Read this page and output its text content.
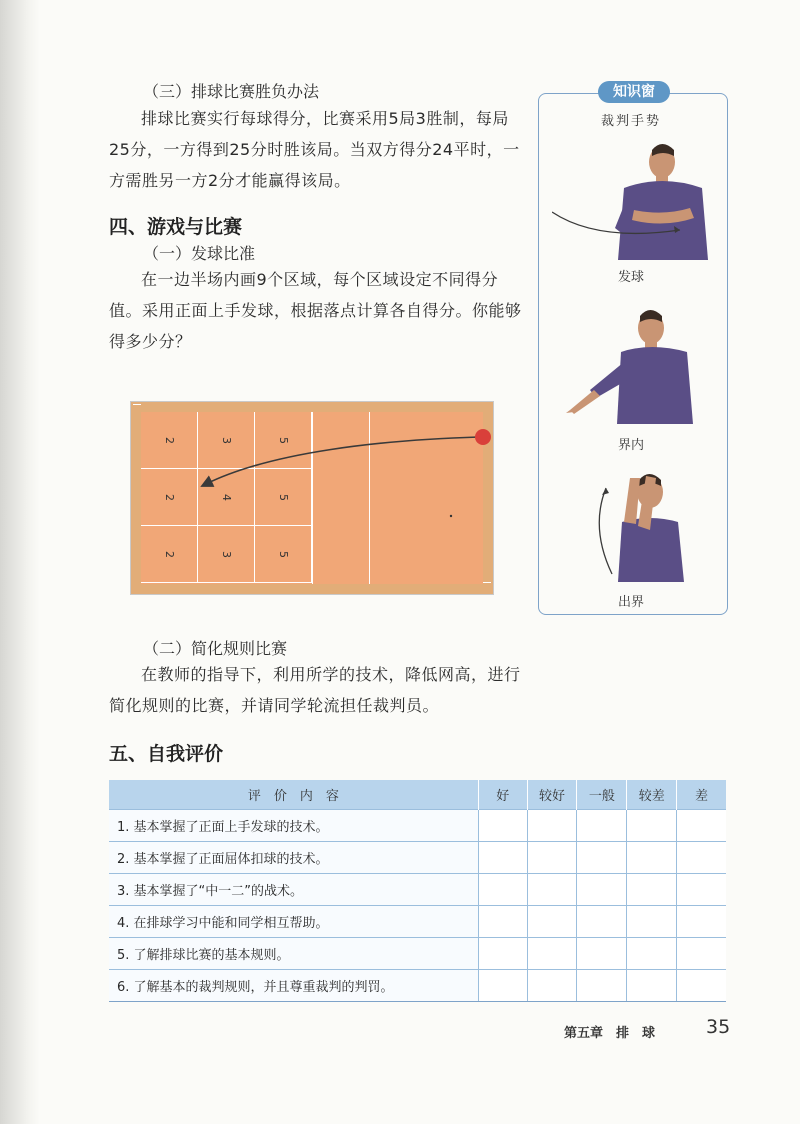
（三）排球比赛胜负办法
排球比赛实行每球得分，比赛采用5局3胜制，每局25分，一方得到25分时胜该局。当双方得分24平时，一方需胜另一方2分才能赢得该局。
四、游戏与比赛
（一）发球比准
在一边半场内画9个区域，每个区域设定不同得分值。采用正面上手发球，根据落点计算各自得分。你能够得多少分？
2	3	5
2	4	5
2	3	5
（二）简化规则比赛
在教师的指导下，利用所学的技术，降低网高，进行简化规则的比赛，并请同学轮流担任裁判员。
五、自我评价
评　价　内　容	好	较好	一般	较差	差
1. 基本掌握了正面上手发球的技术。					
2. 基本掌握了正面屈体扣球的技术。					
3. 基本掌握了“中一二”的战术。					
4. 在排球学习中能和同学相互帮助。					
5. 了解排球比赛的基本规则。					
6. 了解基本的裁判规则，并且尊重裁判的判罚。					
知识窗
裁判手势
发球
界内
出界
第五章　排　球	35
